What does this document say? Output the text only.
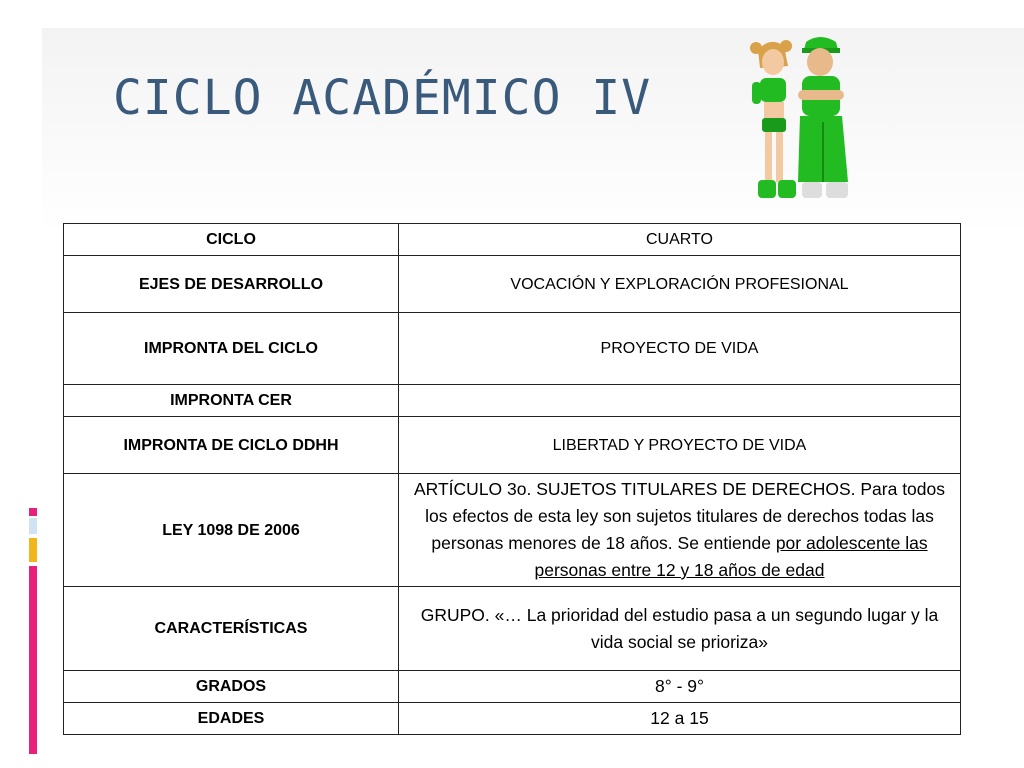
CICLO ACADÉMICO IV
CICLO	CUARTO
EJES DE DESARROLLO	VOCACIÓN Y EXPLORACIÓN PROFESIONAL
IMPRONTA DEL CICLO	PROYECTO DE VIDA
IMPRONTA CER	
IMPRONTA DE CICLO DDHH	LIBERTAD Y PROYECTO DE VIDA
LEY 1098 DE 2006	ARTÍCULO 3o. SUJETOS TITULARES DE DERECHOS. Para todos los efectos de esta ley son sujetos titulares de derechos todas las personas menores de 18 años. Se entiende por adolescente las personas entre 12 y 18 años de edad
CARACTERÍSTICAS	GRUPO. «… La prioridad del estudio pasa a un segundo lugar y la vida social se prioriza»
GRADOS	8° - 9°
EDADES	12 a 15
